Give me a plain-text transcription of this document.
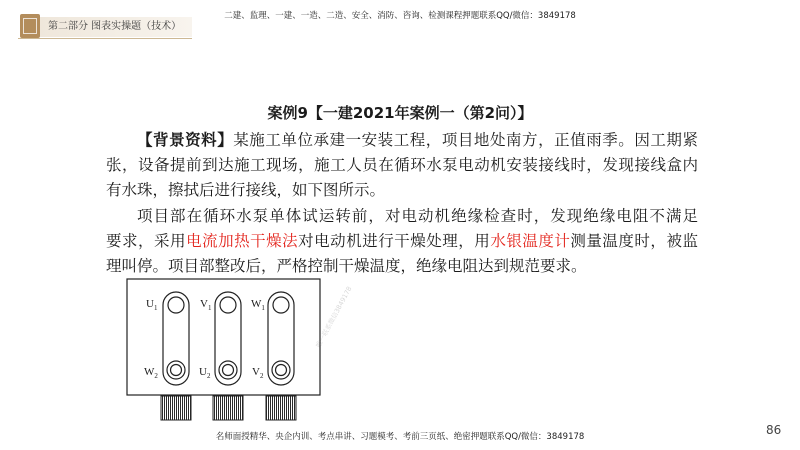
第二部分 图表实操题（技术）
二建、监理、一建、一造、二造、安全、消防、咨询、检测课程押题联系QQ/微信：3849178
案例9【一建2021年案例一（第2问）】
【背景资料】某施工单位承建一安装工程，项目地处南方，正值雨季。因工期紧
张，设备提前到达施工现场，施工人员在循环水泵电动机安装接线时，发现接线盒内
有水珠，擦拭后进行接线，如下图所示。
项目部在循环水泵单体试运转前，对电动机绝缘检查时，发现绝缘电阻不满足
要求，采用电流加热干燥法对电动机进行干燥处理，用水银温度计测量温度时，被监
理叫停。项目部整改后，严格控制干燥温度，绝缘电阻达到规范要求。
$U_1$	$V_1$	$W_1$
$W_2$	$U_2$	$V_2$
唯一联系微信3849178
名师面授精华、央企内训、考点串讲、习题模考、考前三页纸、绝密押题联系QQ/微信：3849178	86
